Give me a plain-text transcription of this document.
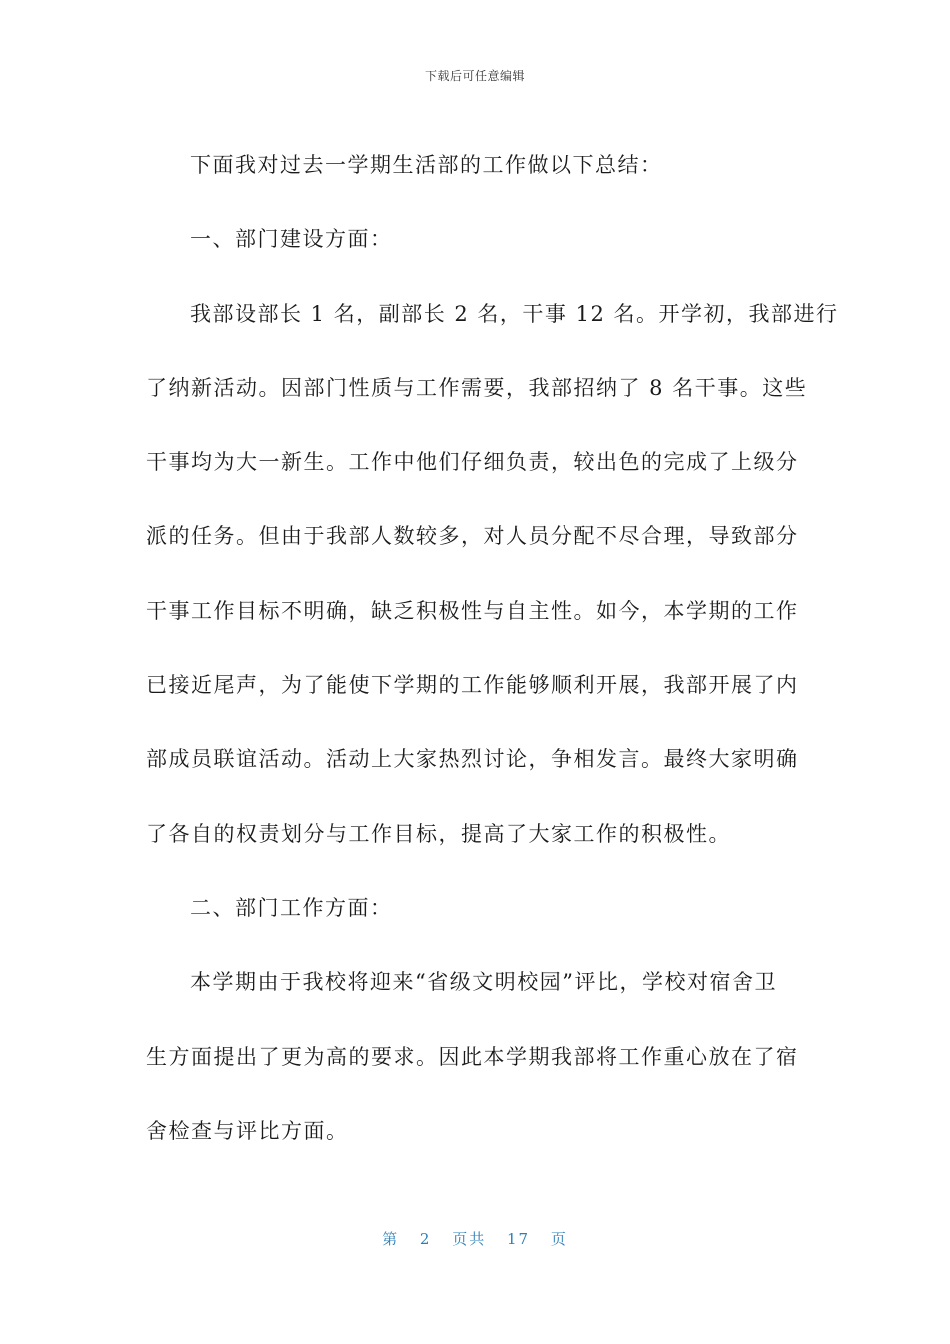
下载后可任意编辑

下面我对过去一学期生活部的工作做以下总结：
一、部门建设方面：
我部设部长 1 名，副部长 2 名，干事 12 名。开学初，我部进行
了纳新活动。因部门性质与工作需要，我部招纳了 8 名干事。这些
干事均为大一新生。工作中他们仔细负责，较出色的完成了上级分
派的任务。但由于我部人数较多，对人员分配不尽合理，导致部分
干事工作目标不明确，缺乏积极性与自主性。如今，本学期的工作
已接近尾声，为了能使下学期的工作能够顺利开展，我部开展了内
部成员联谊活动。活动上大家热烈讨论，争相发言。最终大家明确
了各自的权责划分与工作目标，提高了大家工作的积极性。
二、部门工作方面：
本学期由于我校将迎来“省级文明校园”评比，学校对宿舍卫
生方面提出了更为高的要求。因此本学期我部将工作重心放在了宿
舍检查与评比方面。

第 2 页共 17 页
